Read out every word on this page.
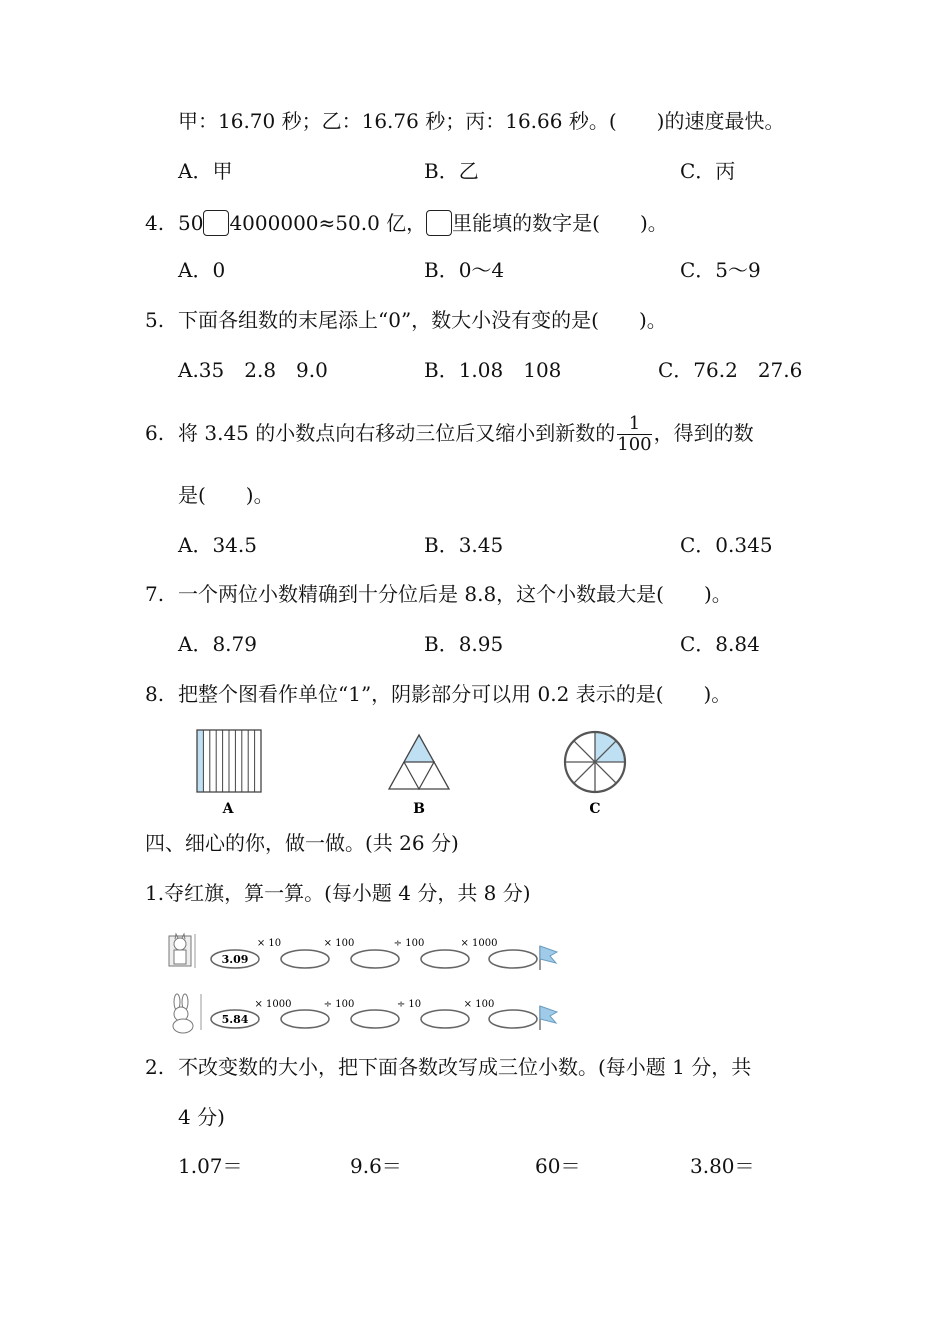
甲：16.70 秒；乙：16.76 秒；丙：16.66 秒。(　　)的速度最快。
A．甲	B．乙	C．丙
4. 50 4000000≈50.0 亿， 里能填的数字是(　　)。
A．0	B．0～4	C．5～9
5. 下面各组数的末尾添上“0”，数大小没有变的是(　　)。
A.35　2.8　9.0	B．1.08　108	C．76.2　27.6
6. 将 3.45 的小数点向右移动三位后又缩小到新数的 $\frac{1}{100}$ ，得到的数
是(　　)。
A．34.5	B．3.45	C．0.345
7. 一个两位小数精确到十分位后是 8.8，这个小数最大是(　　)。
A．8.79	B．8.95	C．8.84
8. 把整个图看作单位“1”，阴影部分可以用 0.2 表示的是(　　)。
A	B	C
四、细心的你，做一做。(共 26 分)
1.夺红旗，算一算。(每小题 4 分，共 8 分)
3.09
× 10	× 100	÷ 100	× 1000
5.84
× 1000	÷ 100	÷ 10	× 100
2. 不改变数的大小，把下面各数改写成三位小数。(每小题 1 分，共
4 分)
1.07＝	9.6＝	60＝	3.80＝
